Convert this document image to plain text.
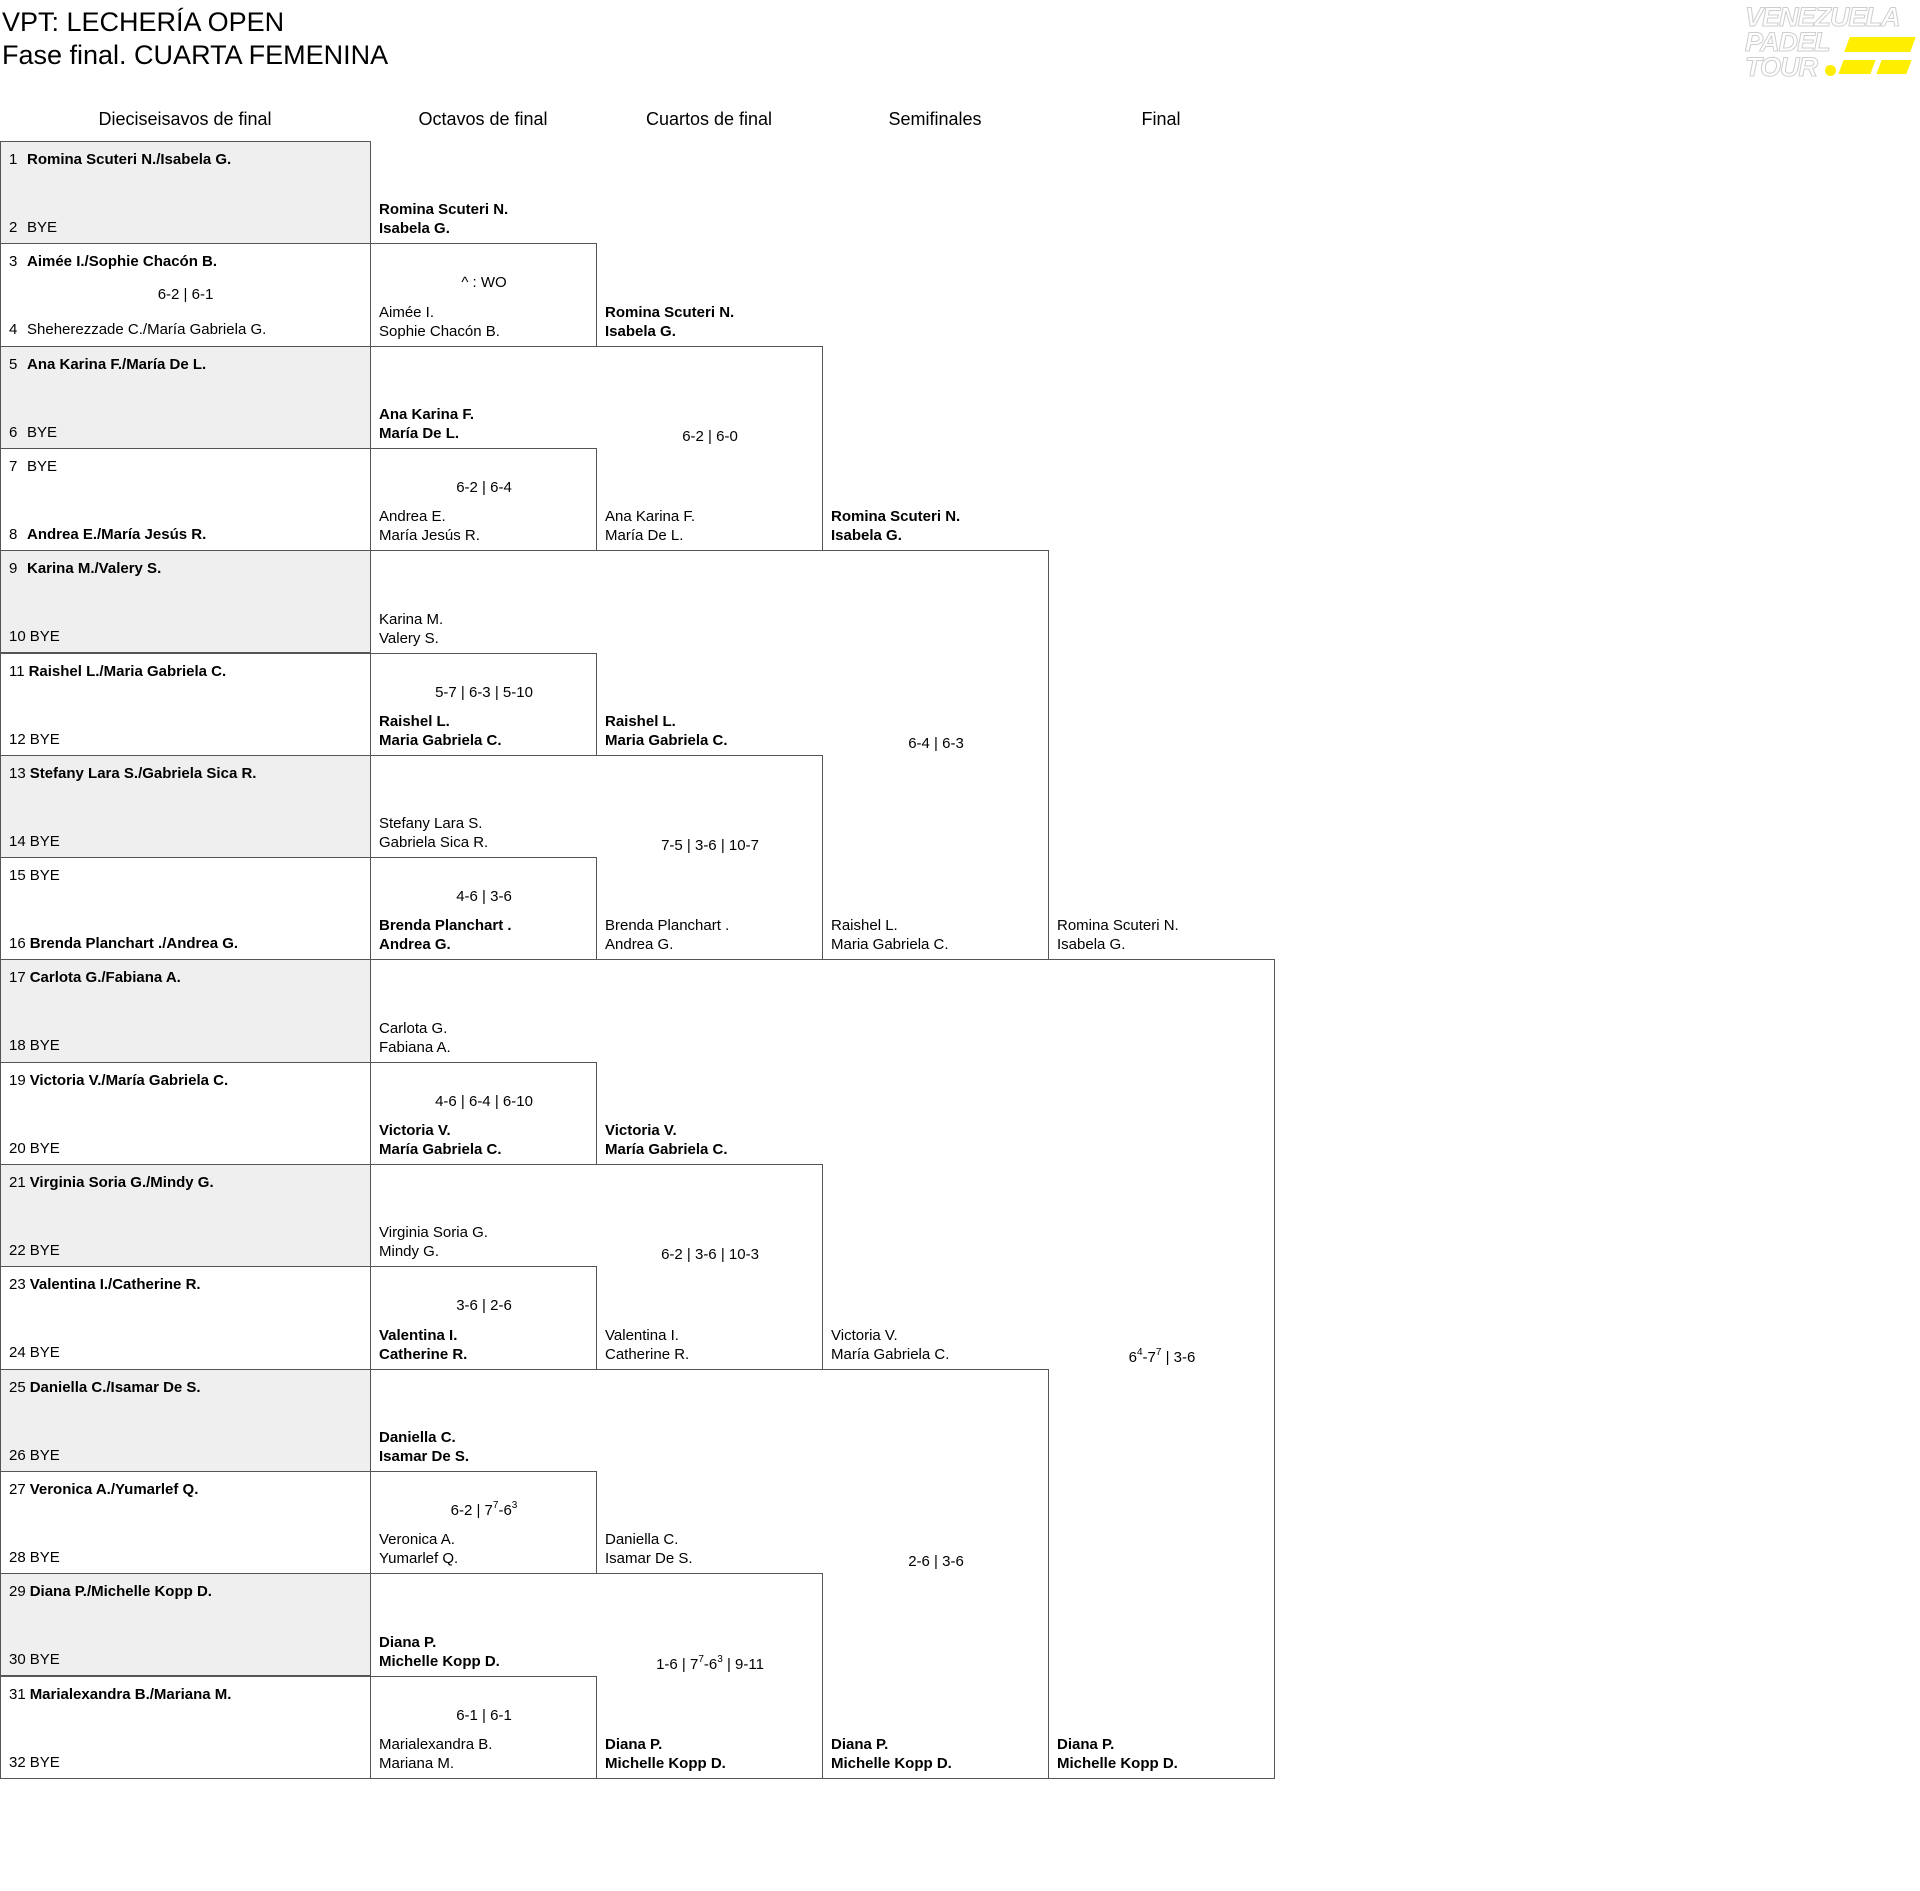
VPT: LECHERÍA OPEN
Fase final. CUARTA FEMENINA
VENEZUELA
PADEL
TOUR
Dieciseisavos de final	Octavos de final	Cuartos de final	Semifinales	Final
1 Romina Scuteri N./Isabela G.
2 BYE
3 Aimée I./Sophie Chacón B.
4 Sheherezzade C./María Gabriela G.
6-2 | 6-1
5 Ana Karina F./María De L.
6 BYE
7 BYE
8 Andrea E./María Jesús R.
9 Karina M./Valery S.
10 BYE
11 Raishel L./Maria Gabriela C.
12 BYE
13 Stefany Lara S./Gabriela Sica R.
14 BYE
15 BYE
16 Brenda Planchart ./Andrea G.
17 Carlota G./Fabiana A.
18 BYE
19 Victoria V./María Gabriela C.
20 BYE
21 Virginia Soria G./Mindy G.
22 BYE
23 Valentina I./Catherine R.
24 BYE
25 Daniella C./Isamar De S.
26 BYE
27 Veronica A./Yumarlef Q.
28 BYE
29 Diana P./Michelle Kopp D.
30 BYE
31 Marialexandra B./Mariana M.
32 BYE
Romina Scuteri N.
Isabela G.
Aimée I.
Sophie Chacón B.
^ : WO
Ana Karina F.
María De L.
Andrea E.
María Jesús R.
6-2 | 6-4
Karina M.
Valery S.
Raishel L.
Maria Gabriela C.
5-7 | 6-3 | 5-10
Stefany Lara S.
Gabriela Sica R.
Brenda Planchart .
Andrea G.
4-6 | 3-6
Carlota G.
Fabiana A.
Victoria V.
María Gabriela C.
4-6 | 6-4 | 6-10
Virginia Soria G.
Mindy G.
Valentina I.
Catherine R.
3-6 | 2-6
Daniella C.
Isamar De S.
Veronica A.
Yumarlef Q.
6-2 | $7^7-6^3$
Diana P.
Michelle Kopp D.
Marialexandra B.
Mariana M.
6-1 | 6-1
Romina Scuteri N.
Isabela G.
Ana Karina F.
María De L.
6-2 | 6-0
Raishel L.
Maria Gabriela C.
Brenda Planchart .
Andrea G.
7-5 | 3-6 | 10-7
Victoria V.
María Gabriela C.
Valentina I.
Catherine R.
6-2 | 3-6 | 10-3
Daniella C.
Isamar De S.
Diana P.
Michelle Kopp D.
1-6 | $7^7-6^3$ | 9-11
Romina Scuteri N.
Isabela G.
Raishel L.
Maria Gabriela C.
6-4 | 6-3
Victoria V.
María Gabriela C.
Diana P.
Michelle Kopp D.
2-6 | 3-6
Romina Scuteri N.
Isabela G.
Diana P.
Michelle Kopp D.
$6^4-7^7$ | 3-6
